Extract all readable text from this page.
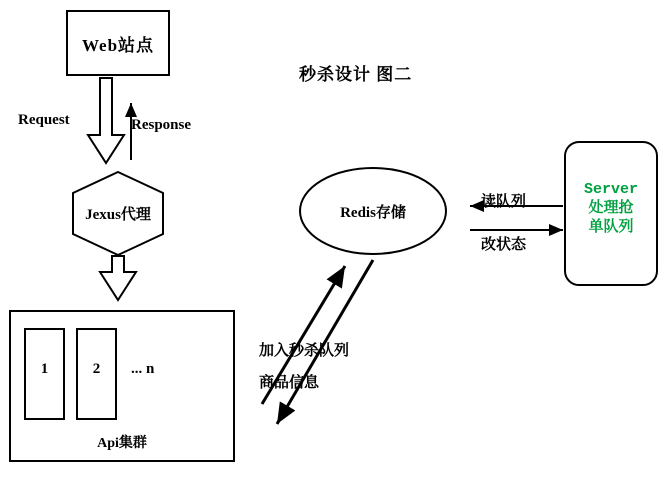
秒杀设计 图二
Web站点
Jexus代理
1	2	... n
Api集群
Redis存储
Server
处理抢
单队列
Request	Response
读队列
改状态
加入秒杀队列
商品信息
